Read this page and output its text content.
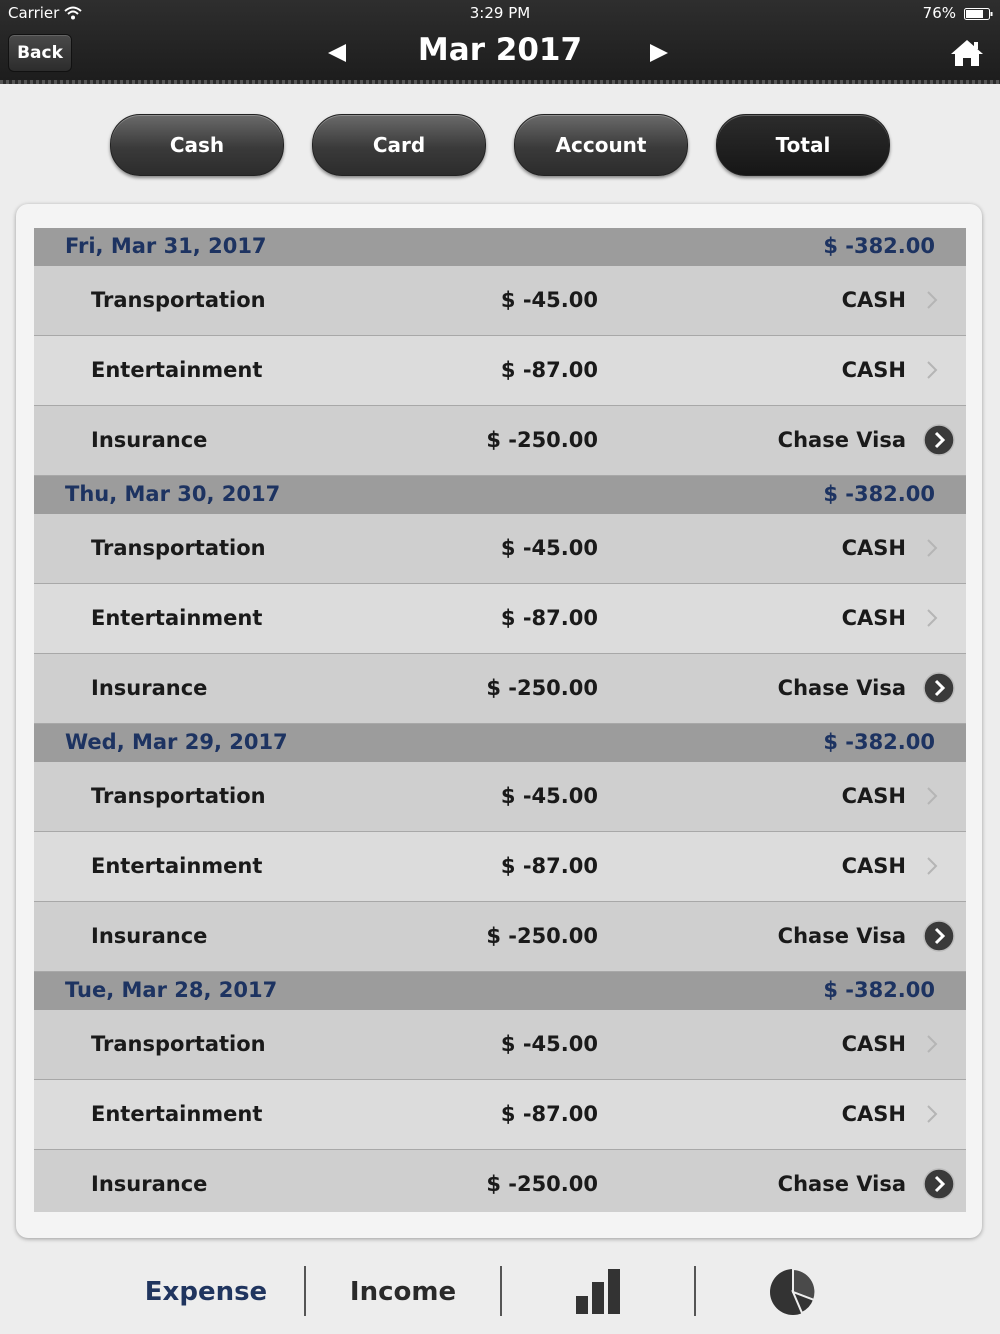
Carrier	3:29 PM	76%
Back	Mar 2017
Cash	Card	Account	Total
Fri, Mar 31, 2017	$ -382.00
Transportation	$ -45.00	CASH
Entertainment	$ -87.00	CASH
Insurance	$ -250.00	Chase Visa
Thu, Mar 30, 2017	$ -382.00
Transportation	$ -45.00	CASH
Entertainment	$ -87.00	CASH
Insurance	$ -250.00	Chase Visa
Wed, Mar 29, 2017	$ -382.00
Transportation	$ -45.00	CASH
Entertainment	$ -87.00	CASH
Insurance	$ -250.00	Chase Visa
Tue, Mar 28, 2017	$ -382.00
Transportation	$ -45.00	CASH
Entertainment	$ -87.00	CASH
Insurance	$ -250.00	Chase Visa
Expense	Income
